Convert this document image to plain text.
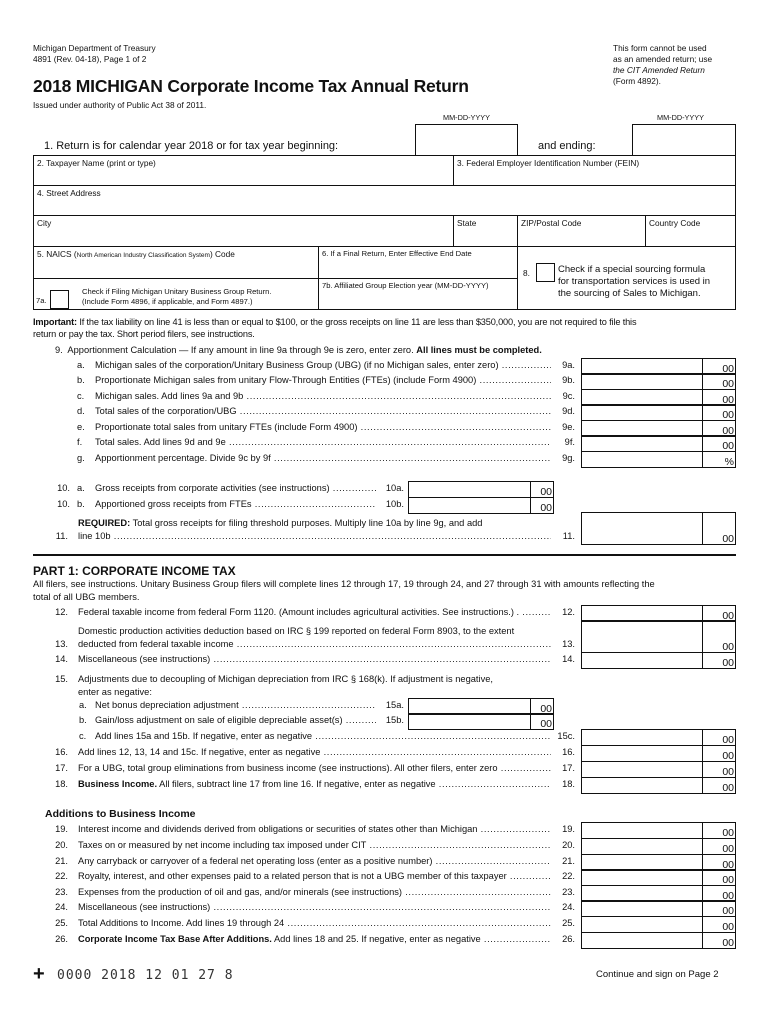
Michigan Department of Treasury
4891 (Rev. 04-18), Page 1 of 2
2018 MICHIGAN Corporate Income Tax Annual Return
Issued under authority of Public Act 38 of 2011.
This form cannot be used
as an amended return; use
the CIT Amended Return
(Form 4892).
MM-DD-YYYY	MM-DD-YYYY
1. Return is for calendar year 2018 or for tax year beginning:	and ending:
2. Taxpayer Name (print or type)	3. Federal Employer Identification Number (FEIN)
4. Street Address
City	State	ZIP/Postal Code	Country Code
5. NAICS (North American Industry Classification System) Code	6. If a Final Return, Enter Effective End Date
7a.
Check if Filing Michigan Unitary Business Group Return.
(Include Form 4896, if applicable, and Form 4897.)
7b. Affiliated Group Election year (MM-DD-YYYY)
8.	Check if a special sourcing formula
for transportation services is used in
the sourcing of Sales to Michigan.
Important: If the tax liability on line 41 is less than or equal to $100, or the gross receipts on line 11 are less than $350,000, you are not required to file this
return or pay the tax. Short period filers, see instructions.
9. Apportionment Calculation — If any amount in line 9a through 9e is zero, enter zero. All lines must be completed.
PART 1: CORPORATE INCOME TAX
All filers, see instructions. Unitary Business Group filers will complete lines 12 through 17, 19 through 24, and 27 through 31 with amounts reflecting the
total of all UBG members.
Additions to Business Income
a. Michigan sales of the corporation/Unitary Business Group (UBG) (if no Michigan sales, enter zero) .....	9a.	00
b. Proportionate Michigan sales from unitary Flow-Through Entities (FTEs) (include Form 4900) .....	9b.	00
c. Michigan sales. Add lines 9a and 9b .....	9c.	00
d. Total sales of the corporation/UBG .....	9d.	00
e. Proportionate total sales from unitary FTEs (include Form 4900) .....	9e.	00
f. Total sales. Add lines 9d and 9e .....	9f.	00
g. Apportionment percentage. Divide 9c by 9f .....	9g.	%
10. a. Gross receipts from corporate activities (see instructions) .....	10a.	00
10. b. Apportioned gross receipts from FTEs .....	10b.	00
11.
REQUIRED: Total gross receipts for filing threshold purposes. Multiply line 10a by line 9g, and add
line 10b .....	11.	00
12. Federal taxable income from federal Form 1120. (Amount includes agricultural activities. See instructions.) . .....	12.	00
13.
Domestic production activities deduction based on IRC § 199 reported on federal Form 8903, to the extent
deducted from federal taxable income .....	13.	00
14. Miscellaneous (see instructions) .....	14.	00
15. Adjustments due to decoupling of Michigan depreciation from IRC § 168(k). If adjustment is negative,
enter as negative:
a. Net bonus depreciation adjustment .....	15a.	00
b. Gain/loss adjustment on sale of eligible depreciable asset(s) .....	15b.	00
c. Add lines 15a and 15b. If negative, enter as negative .....	15c.	00
16. Add lines 12, 13, 14 and 15c. If negative, enter as negative .....	16.	00
17. For a UBG, total group eliminations from business income (see instructions). All other filers, enter zero .....	17.	00
18. Business Income. All filers, subtract line 17 from line 16. If negative, enter as negative .....	18.	00
19. Interest income and dividends derived from obligations or securities of states other than Michigan .....	19.	00
20. Taxes on or measured by net income including tax imposed under CIT .....	20.	00
21. Any carryback or carryover of a federal net operating loss (enter as a positive number) .....	21.	00
22. Royalty, interest, and other expenses paid to a related person that is not a UBG member of this taxpayer .....	22.	00
23. Expenses from the production of oil and gas, and/or minerals (see instructions) .....	23.	00
24. Miscellaneous (see instructions) .....	24.	00
25. Total Additions to Income. Add lines 19 through 24 .....	25.	00
26. Corporate Income Tax Base After Additions. Add lines 18 and 25. If negative, enter as negative .....	26.	00
+ 0000 2018 12 01 27 8	Continue and sign on Page 2
